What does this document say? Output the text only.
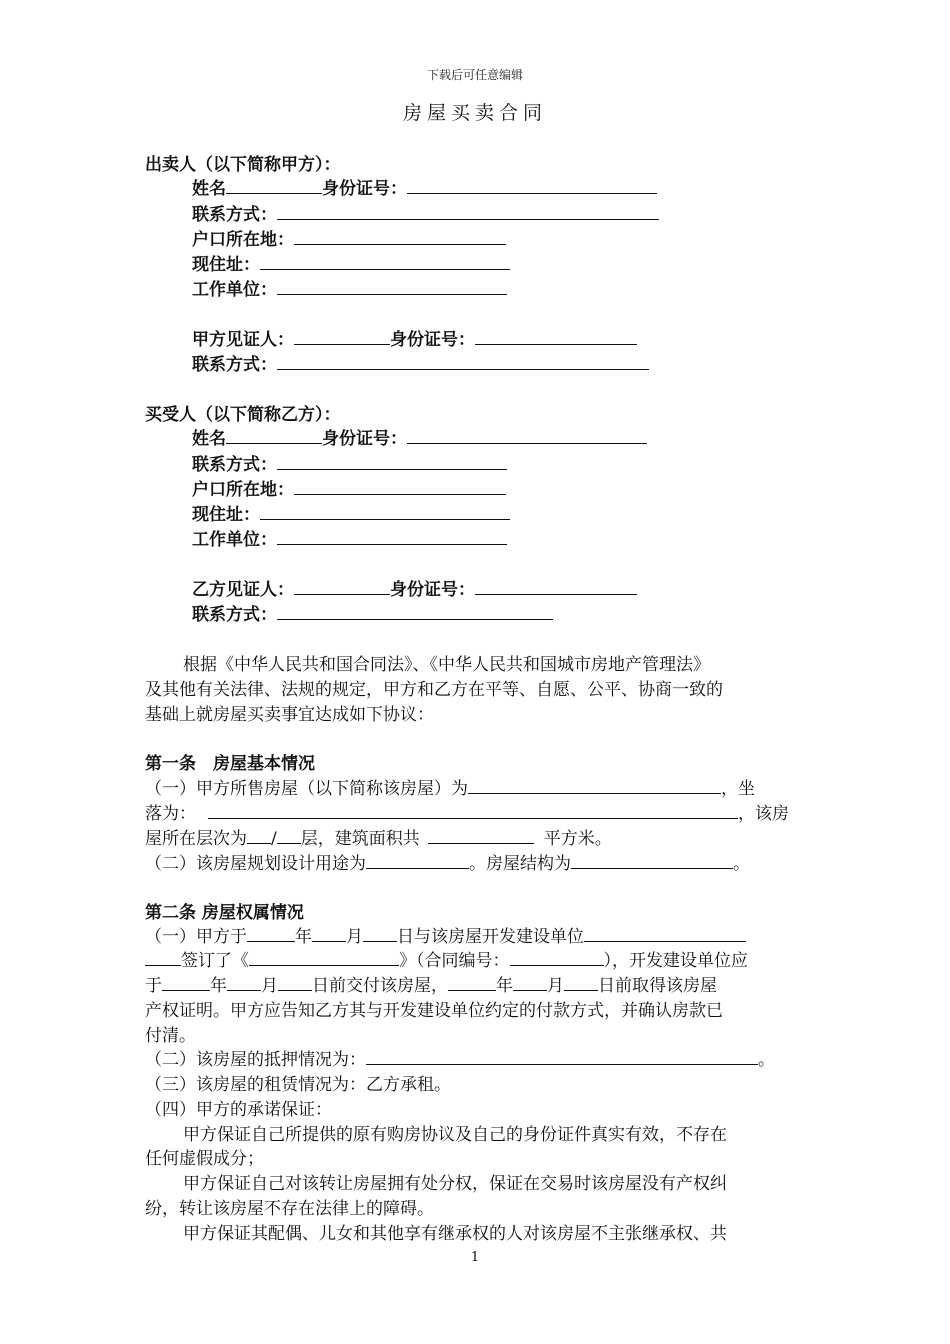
下载后可任意编辑
房屋买卖合同
出卖人（以下简称甲方）：
姓名	身份证号：
联系方式：
户口所在地：
现住址：
工作单位：
甲方见证人：	身份证号：
联系方式：
买受人（以下简称乙方）：
姓名	身份证号：
联系方式：
户口所在地：
现住址：
工作单位：
乙方见证人：	身份证号：
联系方式：
根据《中华人民共和国合同法》、《中华人民共和国城市房地产管理法》
及其他有关法律、法规的规定，甲方和乙方在平等、自愿、公平、协商一致的
基础上就房屋买卖事宜达成如下协议：
第一条　房屋基本情况
（一）甲方所售房屋（以下简称该房屋）为	，坐
落为：	，该房
屋所在层次为 / 层，建筑面积共	平方米。
（二）该房屋规划设计用途为	。房屋结构为	。
第二条 房屋权属情况
（一）甲方于	年 月 日与该房屋开发建设单位
签订了《	》（合同编号：	），开发建设单位应
于	年 月 日前交付该房屋，	年 月 日前取得该房屋
产权证明。甲方应告知乙方其与开发建设单位约定的付款方式，并确认房款已
付清。
（二）该房屋的抵押情况为：	。
（三）该房屋的租赁情况为：乙方承租。
（四）甲方的承诺保证：
甲方保证自己所提供的原有购房协议及自己的身份证件真实有效，不存在
任何虚假成分；
甲方保证自己对该转让房屋拥有处分权，保证在交易时该房屋没有产权纠
纷，转让该房屋不存在法律上的障碍。
甲方保证其配偶、儿女和其他享有继承权的人对该房屋不主张继承权、共
1
